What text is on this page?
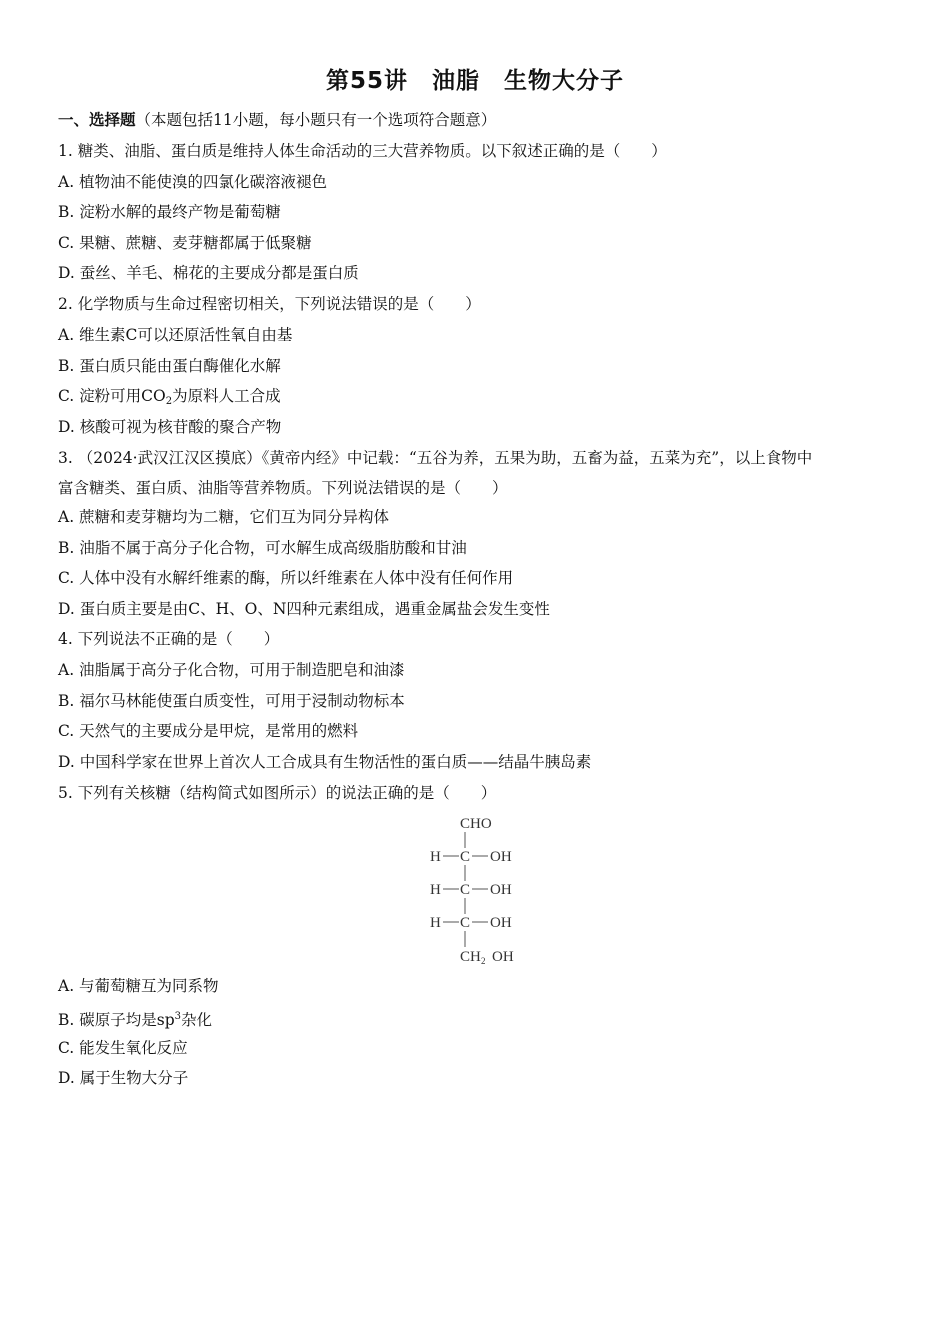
第55讲　油脂　生物大分子
一、选择题（本题包括11小题，每小题只有一个选项符合题意）
1. 糖类、油脂、蛋白质是维持人体生命活动的三大营养物质。以下叙述正确的是（　　）
A. 植物油不能使溴的四氯化碳溶液褪色
B. 淀粉水解的最终产物是葡萄糖
C. 果糖、蔗糖、麦芽糖都属于低聚糖
D. 蚕丝、羊毛、棉花的主要成分都是蛋白质
2. 化学物质与生命过程密切相关，下列说法错误的是（　　）
A. 维生素C可以还原活性氧自由基
B. 蛋白质只能由蛋白酶催化水解
C. 淀粉可用$CO_2$为原料人工合成
D. 核酸可视为核苷酸的聚合产物
3. （2024·武汉江汉区摸底）《黄帝内经》中记载：“五谷为养，五果为助，五畜为益，五菜为充”，以上食物中
富含糖类、蛋白质、油脂等营养物质。下列说法错误的是（　　）
A. 蔗糖和麦芽糖均为二糖，它们互为同分异构体
B. 油脂不属于高分子化合物，可水解生成高级脂肪酸和甘油
C. 人体中没有水解纤维素的酶，所以纤维素在人体中没有任何作用
D. 蛋白质主要是由C、H、O、N四种元素组成，遇重金属盐会发生变性
4. 下列说法不正确的是（　　）
A. 油脂属于高分子化合物，可用于制造肥皂和油漆
B. 福尔马林能使蛋白质变性，可用于浸制动物标本
C. 天然气的主要成分是甲烷，是常用的燃料
D. 中国科学家在世界上首次人工合成具有生物活性的蛋白质——结晶牛胰岛素
5. 下列有关核糖（结构简式如图所示）的说法正确的是（　　）
CHO
H C OH
H C OH
H C OH
CH 2 OH
A. 与葡萄糖互为同系物
B. 碳原子均是$sp^3$杂化
C. 能发生氧化反应
D. 属于生物大分子
